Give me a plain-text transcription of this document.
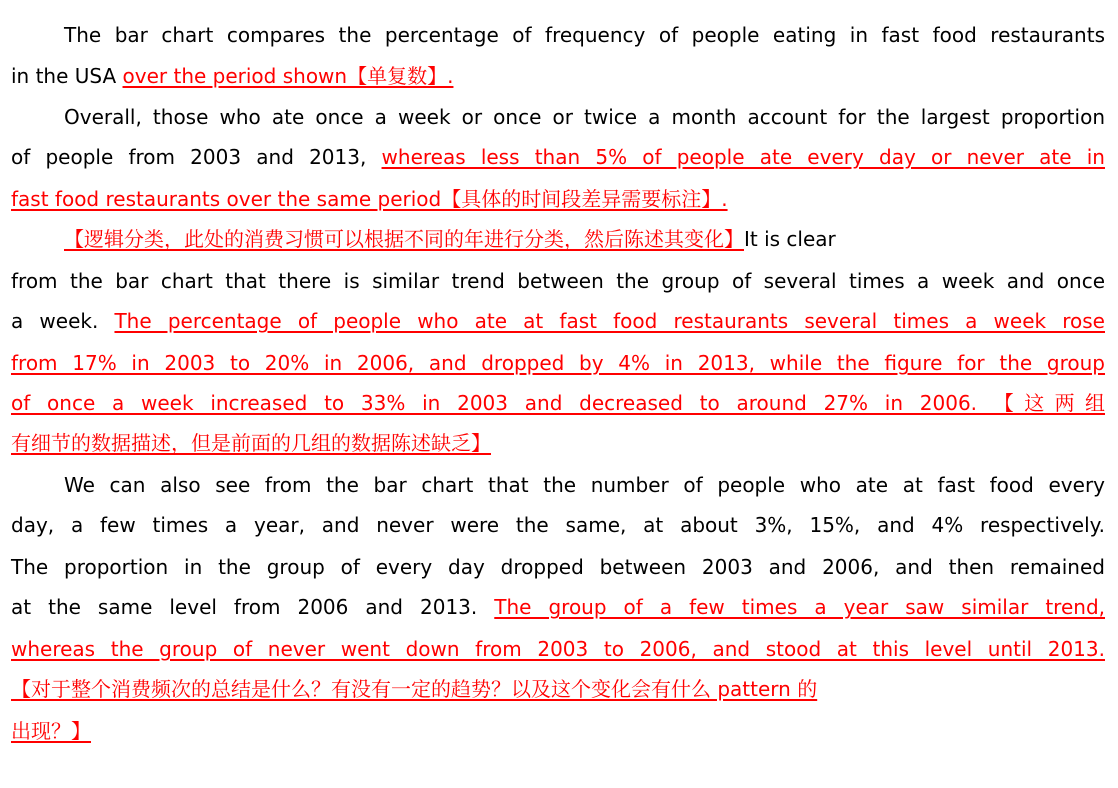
The bar chart compares the percentage of frequency of people eating in fast food restaurants
in the USA over the period shown【单复数】.
Overall, those who ate once a week or once or twice a month account for the largest proportion
of people from 2003 and 2013, whereas less than 5% of people ate every day or never ate in
fast food restaurants over the same period【具体的时间段差异需要标注】.
【逻辑分类，此处的消费习惯可以根据不同的年进行分类，然后陈述其变化】It is clear
from the bar chart that there is similar trend between the group of several times a week and once
a week. The percentage of people who ate at fast food restaurants several times a week rose
from 17% in 2003 to 20% in 2006, and dropped by 4% in 2013, while the figure for the group
of once a week increased to 33% in 2003 and decreased to around 27% in 2006. 【这两组
有细节的数据描述，但是前面的几组的数据陈述缺乏】
We can also see from the bar chart that the number of people who ate at fast food every
day, a few times a year, and never were the same, at about 3%, 15%, and 4% respectively.
The proportion in the group of every day dropped between 2003 and 2006, and then remained
at the same level from 2006 and 2013. The group of a few times a year saw similar trend,
whereas the group of never went down from 2003 to 2006, and stood at this level until 2013.
【对于整个消费频次的总结是什么？有没有一定的趋势？以及这个变化会有什么 pattern 的
出现？】
